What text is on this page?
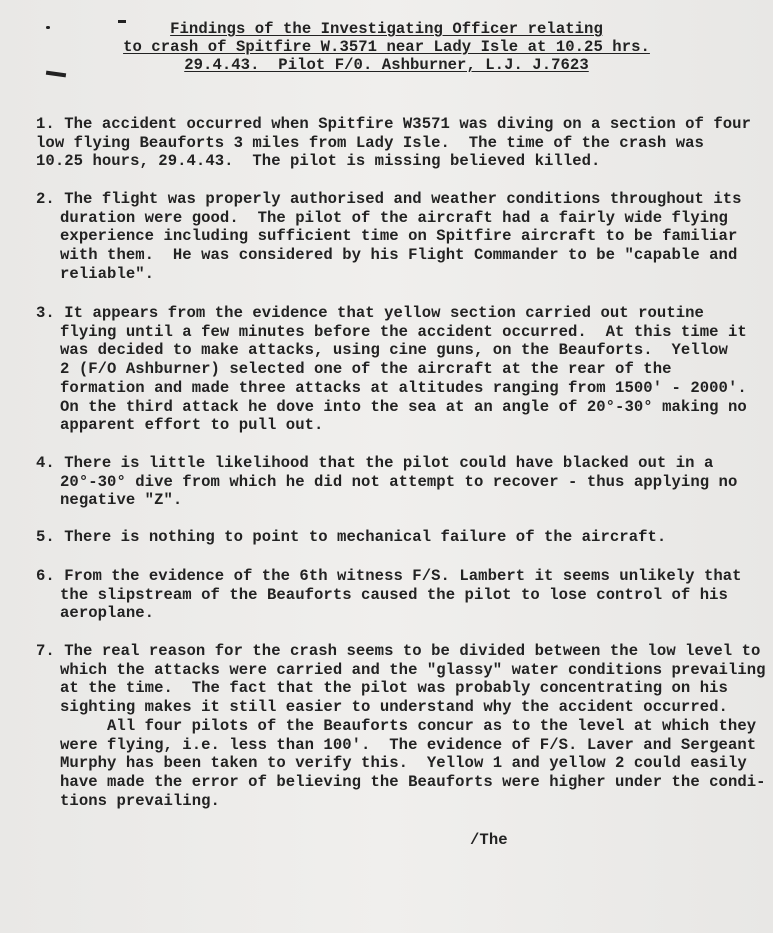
Findings of the Investigating Officer relating
to crash of Spitfire W.3571 near Lady Isle at 10.25 hrs.
29.4.43.  Pilot F/0. Ashburner, L.J. J.7623
1. The accident occurred when Spitfire W3571 was diving on a section of four
low flying Beauforts 3 miles from Lady Isle.  The time of the crash was
10.25 hours, 29.4.43.  The pilot is missing believed killed.
2. The flight was properly authorised and weather conditions throughout its
duration were good.  The pilot of the aircraft had a fairly wide flying
experience including sufficient time on Spitfire aircraft to be familiar
with them.  He was considered by his Flight Commander to be "capable and
reliable".
3. It appears from the evidence that yellow section carried out routine
flying until a few minutes before the accident occurred.  At this time it
was decided to make attacks, using cine guns, on the Beauforts.  Yellow
2 (F/O Ashburner) selected one of the aircraft at the rear of the
formation and made three attacks at altitudes ranging from 1500' - 2000'.
On the third attack he dove into the sea at an angle of 20°-30° making no
apparent effort to pull out.
4. There is little likelihood that the pilot could have blacked out in a
20°-30° dive from which he did not attempt to recover - thus applying no
negative "Z".
5. There is nothing to point to mechanical failure of the aircraft.
6. From the evidence of the 6th witness F/S. Lambert it seems unlikely that
the slipstream of the Beauforts caused the pilot to lose control of his
aeroplane.
7. The real reason for the crash seems to be divided between the low level to
which the attacks were carried and the "glassy" water conditions prevailing
at the time.  The fact that the pilot was probably concentrating on his
sighting makes it still easier to understand why the accident occurred.
All four pilots of the Beauforts concur as to the level at which they
were flying, i.e. less than 100'.  The evidence of F/S. Laver and Sergeant
Murphy has been taken to verify this.  Yellow 1 and yellow 2 could easily
have made the error of believing the Beauforts were higher under the condi-
tions prevailing.
/The
